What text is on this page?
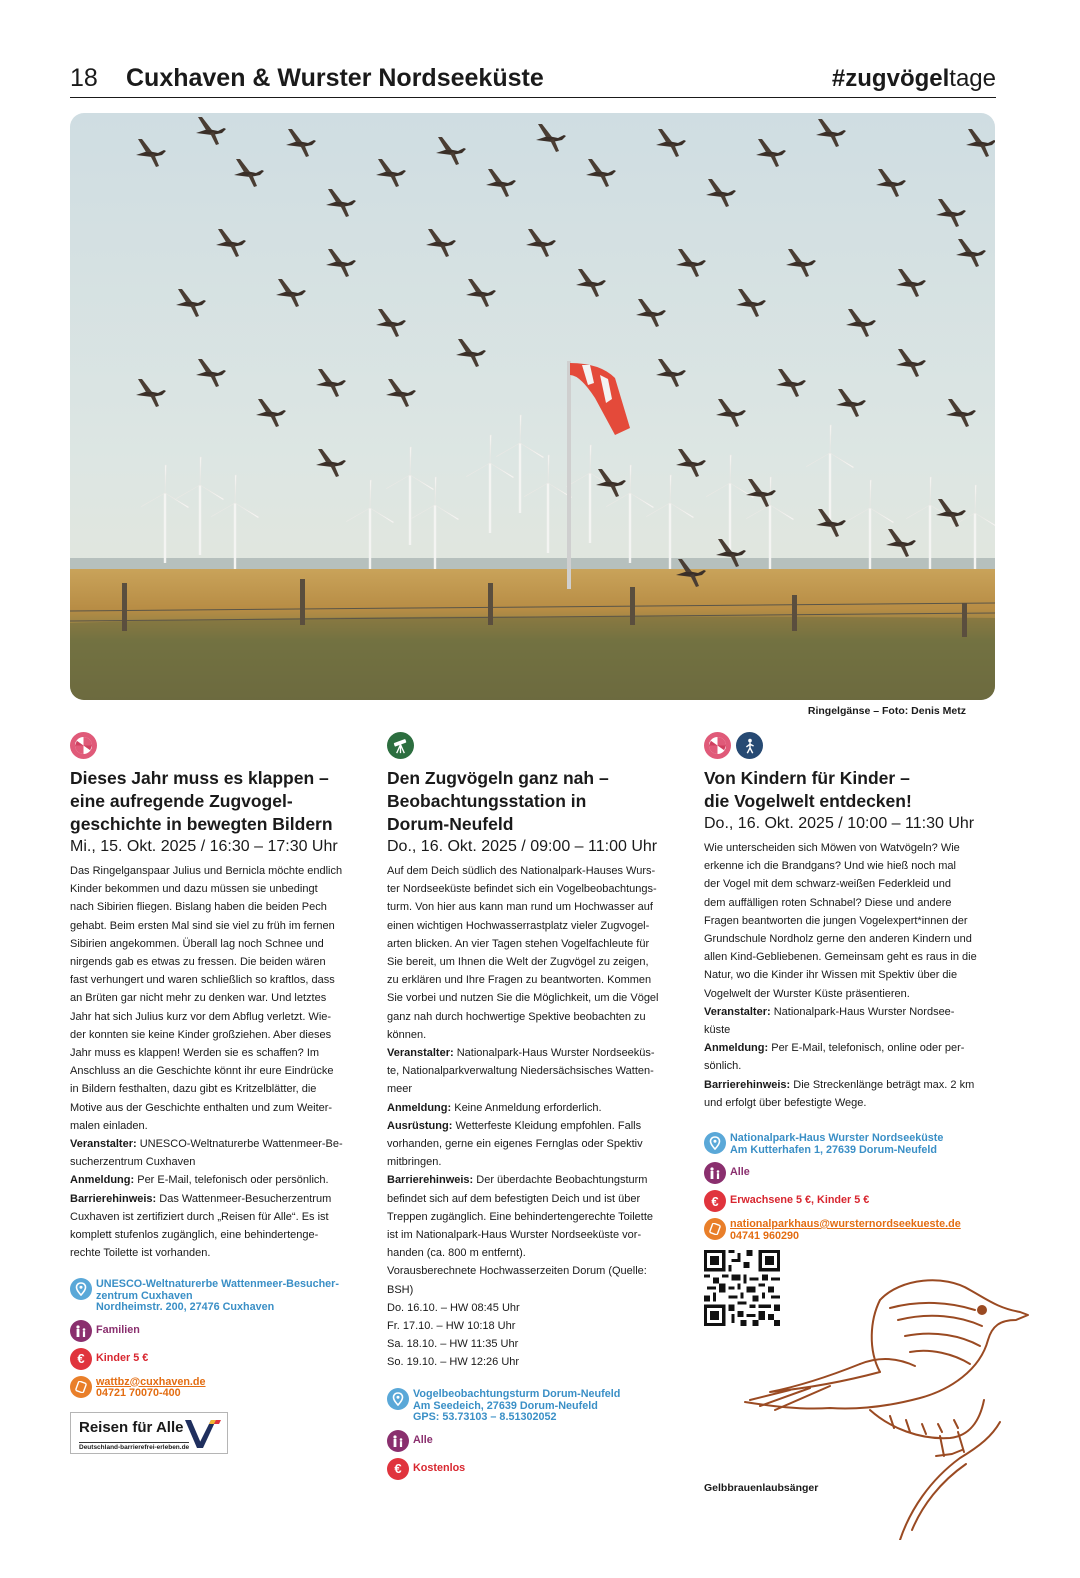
18 Cuxhaven & Wurster Nordseeküste	#zugvögeltage
Ringelgänse – Foto: Denis Metz
Dieses Jahr muss es klappen –
eine aufregende Zugvogel-
geschichte in bewegten Bildern
Mi., 15. Okt. 2025 / 16:30 – 17:30 Uhr

Das Ringelganspaar Julius und Bernicla möchte endlich

Kinder bekommen und dazu müssen sie unbedingt

nach Sibirien fliegen. Bislang haben die beiden Pech

gehabt. Beim ersten Mal sind sie viel zu früh im fernen

Sibirien angekommen. Überall lag noch Schnee und

nirgends gab es etwas zu fressen. Die beiden wären

fast verhungert und waren schließlich so kraftlos, dass

an Brüten gar nicht mehr zu denken war. Und letztes

Jahr hat sich Julius kurz vor dem Abflug verletzt. Wie-

der konnten sie keine Kinder großziehen. Aber dieses

Jahr muss es klappen! Werden sie es schaffen? Im

Anschluss an die Geschichte könnt ihr eure Eindrücke

in Bildern festhalten, dazu gibt es Kritzelblätter, die

Motive aus der Geschichte enthalten und zum Weiter-

malen einladen.

Veranstalter: UNESCO-Weltnaturerbe Wattenmeer-Be-

sucherzentrum Cuxhaven

Anmeldung: Per E-Mail, telefonisch oder persönlich.

Barrierehinweis: Das Wattenmeer-Besucherzentrum

Cuxhaven ist zertifiziert durch „Reisen für Alle“. Es ist

komplett stufenlos zugänglich, eine behindertengе-

rechte Toilette ist vorhanden.

UNESCO-Weltnaturerbe Wattenmeer-Besucher-
zentrum Cuxhaven
Nordheimstr. 200, 27476 Cuxhaven
Familien
€ Kinder 5 €
wattbz@cuxhaven.de
04721 70070-400
Reisen für Alle
Deutschland-barrierefrei-erleben.de
Den Zugvögeln ganz nah –
Beobachtungsstation in
Dorum-Neufeld
Do., 16. Okt. 2025 / 09:00 – 11:00 Uhr

Auf dem Deich südlich des Nationalpark-Hauses Wurs-

ter Nordseeküste befindet sich ein Vogelbeobachtungs-

turm. Von hier aus kann man rund um Hochwasser auf

einen wichtigen Hochwasserrastplatz vieler Zugvogel-

arten blicken. An vier Tagen stehen Vogelfachleute für

Sie bereit, um Ihnen die Welt der Zugvögel zu zeigen,

zu erklären und Ihre Fragen zu beantworten. Kommen

Sie vorbei und nutzen Sie die Möglichkeit, um die Vögel

ganz nah durch hochwertige Spektive beobachten zu

können.

Veranstalter: Nationalpark-Haus Wurster Nordseeküs-

te, Nationalparkverwaltung Niedersächsisches Watten-

meer

Anmeldung: Keine Anmeldung erforderlich.

Ausrüstung: Wetterfeste Kleidung empfohlen. Falls

vorhanden, gerne ein eigenes Fernglas oder Spektiv

mitbringen.

Barrierehinweis: Der überdachte Beobachtungsturm

befindet sich auf dem befestigten Deich und ist über

Treppen zugänglich. Eine behindertengerechte Toilette

ist im Nationalpark-Haus Wurster Nordseeküste vor-

handen (ca. 800 m entfernt).

Vorausberechnete Hochwasserzeiten Dorum (Quelle:

BSH)

Do. 16.10. – HW 08:45 Uhr

Fr. 17.10. – HW 10:18 Uhr

Sa. 18.10. – HW 11:35 Uhr

So. 19.10. – HW 12:26 Uhr

Vogelbeobachtungsturm Dorum-Neufeld
Am Seedeich, 27639 Dorum-Neufeld
GPS: 53.73103 – 8.51302052
Alle
€ Kostenlos
Von Kindern für Kinder –
die Vogelwelt entdecken!
Do., 16. Okt. 2025 / 10:00 – 11:30 Uhr

Wie unterscheiden sich Möwen von Watvögeln? Wie

erkenne ich die Brandgans? Und wie hieß noch mal

der Vogel mit dem schwarz-weißen Federkleid und

dem auffälligen roten Schnabel? Diese und andere

Fragen beantworten die jungen Vogelexpert*innen der

Grundschule Nordholz gerne den anderen Kindern und

allen Kind-Gebliebenen. Gemeinsam geht es raus in die

Natur, wo die Kinder ihr Wissen mit Spektiv über die

Vogelwelt der Wurster Küste präsentieren.

Veranstalter: Nationalpark-Haus Wurster Nordsee-

küste

Anmeldung: Per E-Mail, telefonisch, online oder per-

sönlich.

Barrierehinweis: Die Streckenlänge beträgt max. 2 km

und erfolgt über befestigte Wege.

Nationalpark-Haus Wurster Nordseeküste
Am Kutterhafen 1, 27639 Dorum-Neufeld
Alle
€ Erwachsene 5 €, Kinder 5 €
nationalparkhaus@wursternordseekueste.de
04741 960290
Gelbbrauenlaubsänger
